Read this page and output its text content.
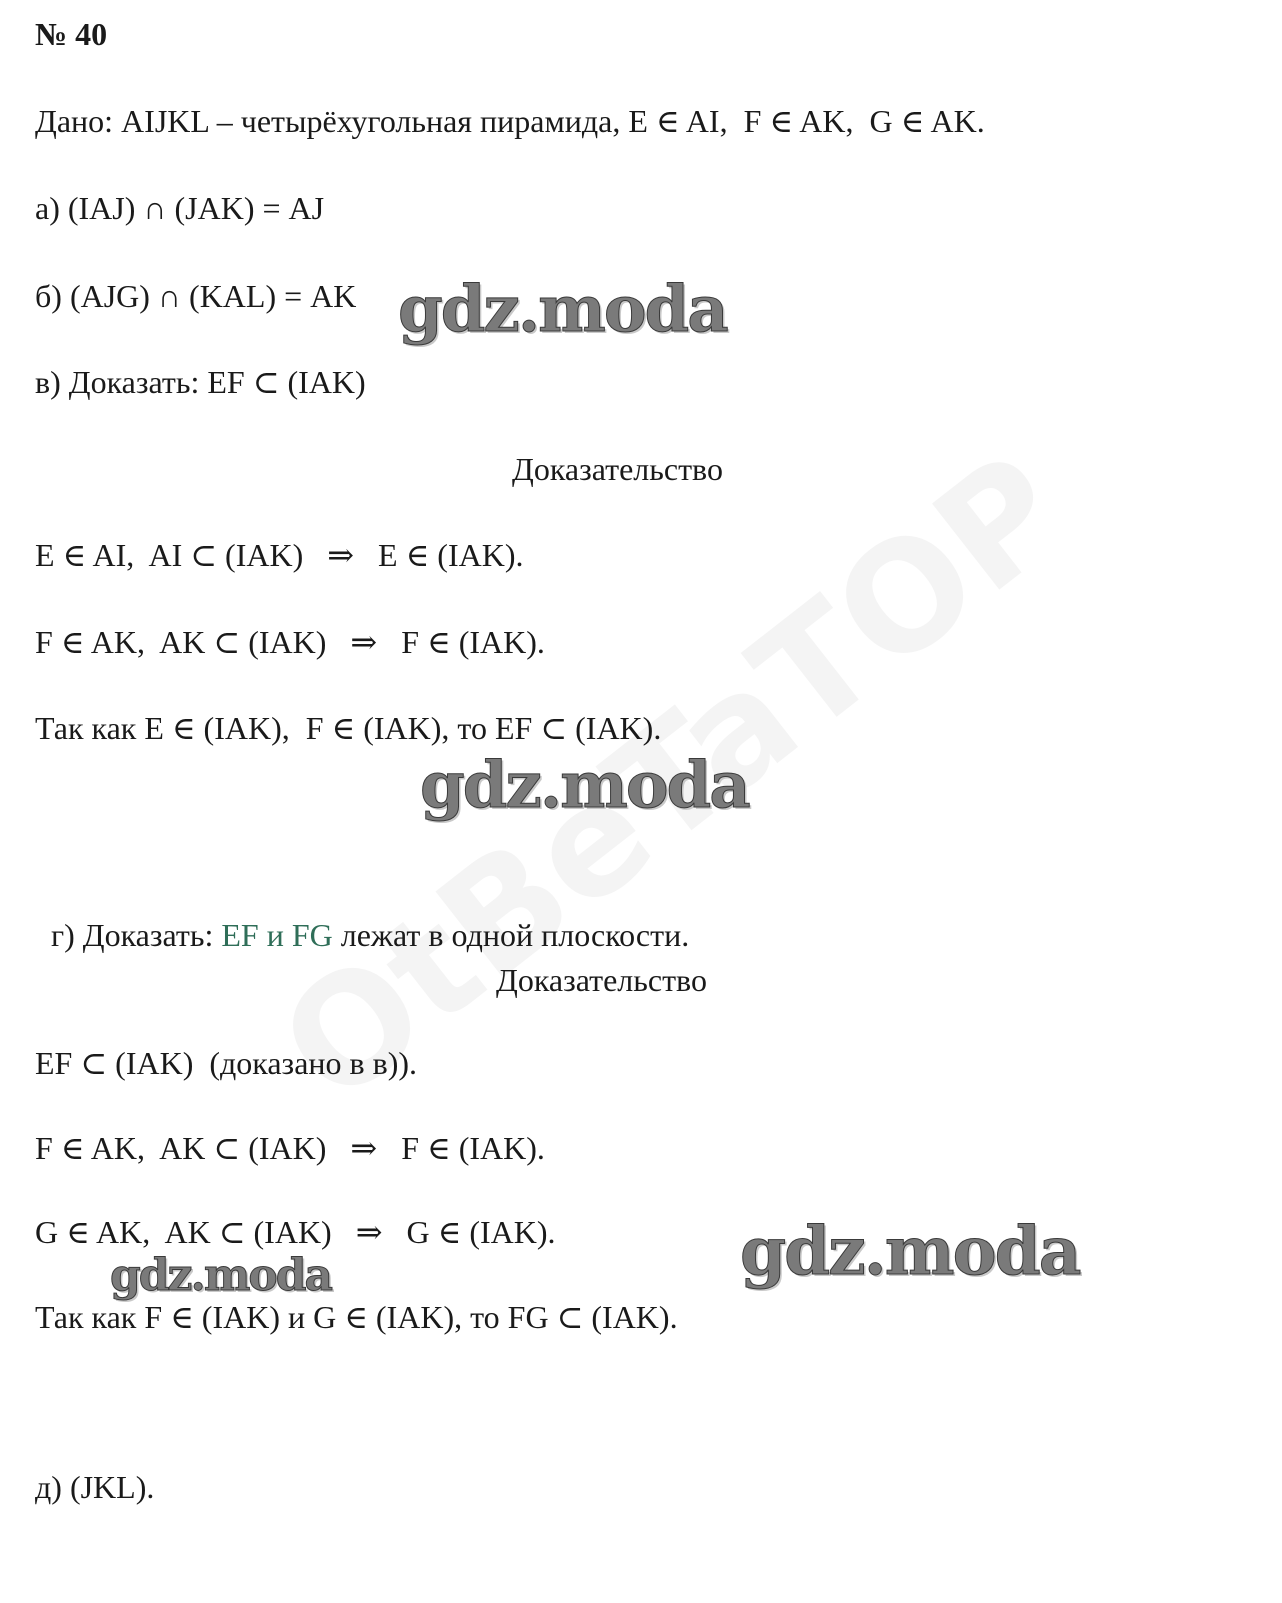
№ 40
Дано: AIJKL – четырёхугольная пирамида, E ∈ AI,  F ∈ AK,  G ∈ AK.
а) (IAJ) ∩ (JAK) = AJ
б) (AJG) ∩ (KAL) = AK
в) Доказать: EF ⊂ (IAK)
Доказательство
E ∈ AI,  AI ⊂ (IAK)   ⇒   E ∈ (IAK).
F ∈ AK,  AK ⊂ (IAK)   ⇒   F ∈ (IAK).
Так как E ∈ (IAK),  F ∈ (IAK), то EF ⊂ (IAK).

г) Доказать: EF и FG лежат в одной плоскости.

Доказательство
EF ⊂ (IAK)  (доказано в в)).
F ∈ AK,  AK ⊂ (IAK)   ⇒   F ∈ (IAK).
G ∈ AK,  AK ⊂ (IAK)   ⇒   G ∈ (IAK).
Так как F ∈ (IAK) и G ∈ (IAK), то FG ⊂ (IAK).
д) (JKL).
gdz.moda
gdz.moda
gdz.moda
gdz.moda
